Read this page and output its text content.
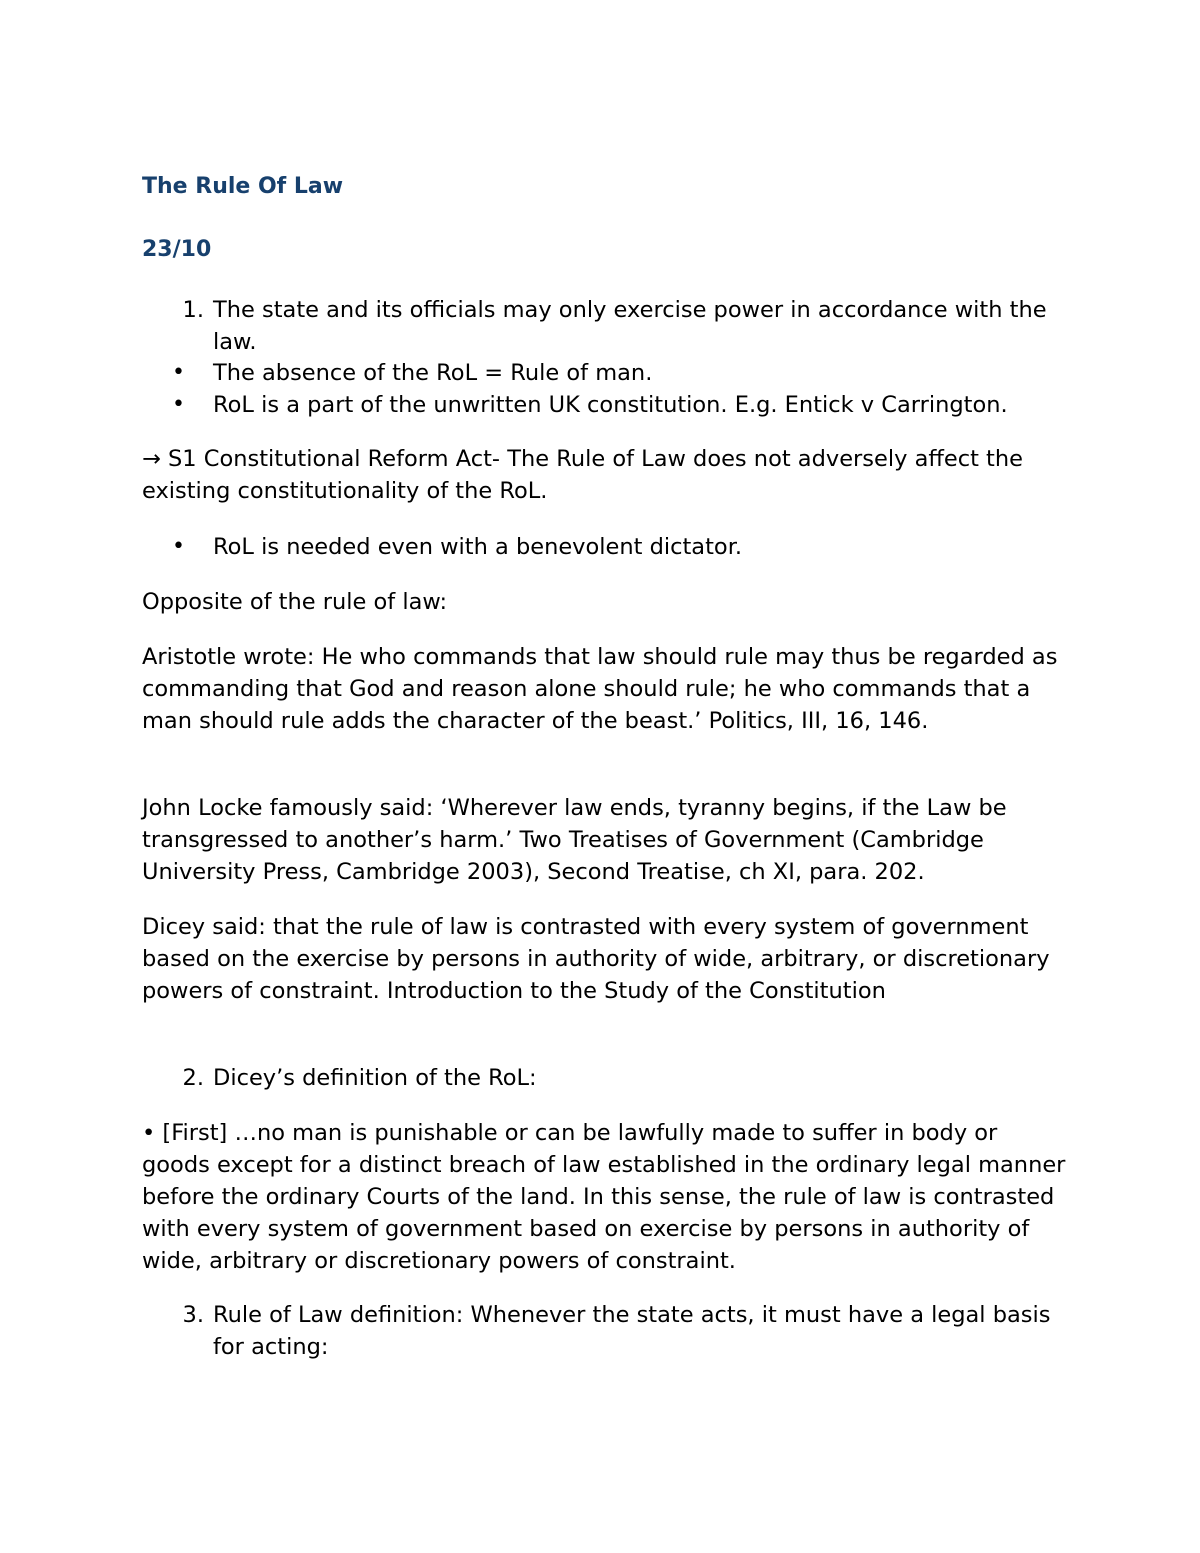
The Rule Of Law
23/10
1. The state and its officials may only exercise power in accordance with the law.
• The absence of the RoL = Rule of man.
• RoL is a part of the unwritten UK constitution. E.g. Entick v Carrington.

→ S1 Constitutional Reform Act- The Rule of Law does not adversely affect the existing constitutionality of the RoL.

• RoL is needed even with a benevolent dictator.

Opposite of the rule of law:

Aristotle wrote: He who commands that law should rule may thus be regarded as commanding that God and reason alone should rule; he who commands that a man should rule adds the character of the beast.’ Politics, III, 16, 146.

John Locke famously said: ‘Wherever law ends, tyranny begins, if the Law be transgressed to another’s harm.’ Two Treatises of Government (Cambridge University Press, Cambridge 2003), Second Treatise, ch XI, para. 202.

Dicey said: that the rule of law is contrasted with every system of government based on the exercise by persons in authority of wide, arbitrary, or discretionary powers of constraint. Introduction to the Study of the Constitution

2. Dicey’s definition of the RoL:

• [First] …no man is punishable or can be lawfully made to suffer in body or goods except for a distinct breach of law established in the ordinary legal manner before the ordinary Courts of the land. In this sense, the rule of law is contrasted with every system of government based on exercise by persons in authority of wide, arbitrary or discretionary powers of constraint.

3. Rule of Law definition: Whenever the state acts, it must have a legal basis for acting:
